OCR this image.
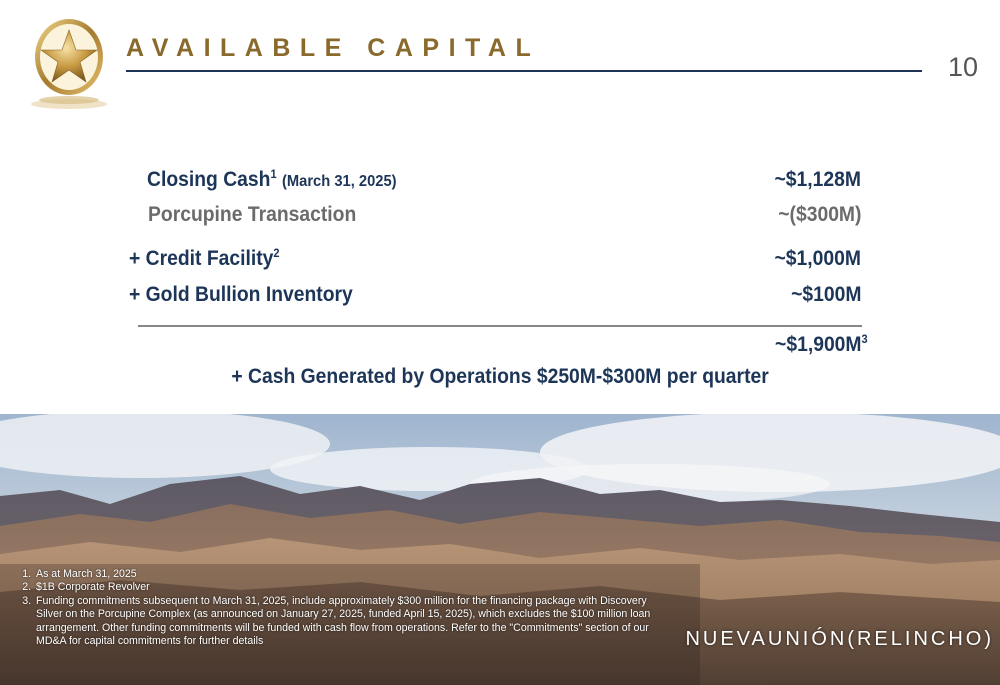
AVAILABLE CAPITAL
10
Closing Cash$^1$ (March 31, 2025)	~$1,128M
Porcupine Transaction	~($300M)
+ Credit Facility$^2$	~$1,000M
+ Gold Bullion Inventory	~$100M
$\sim\$1,900M^3$
+ Cash Generated by Operations $250M-$300M per quarter
1. As at March 31, 2025
2. $1B Corporate Revolver
3. Funding commitments subsequent to March 31, 2025, include approximately $300 million for the financing package with Discovery Silver on the Porcupine Complex (as announced on January 27, 2025, funded April 15, 2025), which excludes the $100 million loan arrangement. Other funding commitments will be funded with cash flow from operations. Refer to the "Commitments" section of our MD&A for capital commitments for further details	NUEVAUNIÓN(RELINCHO)
